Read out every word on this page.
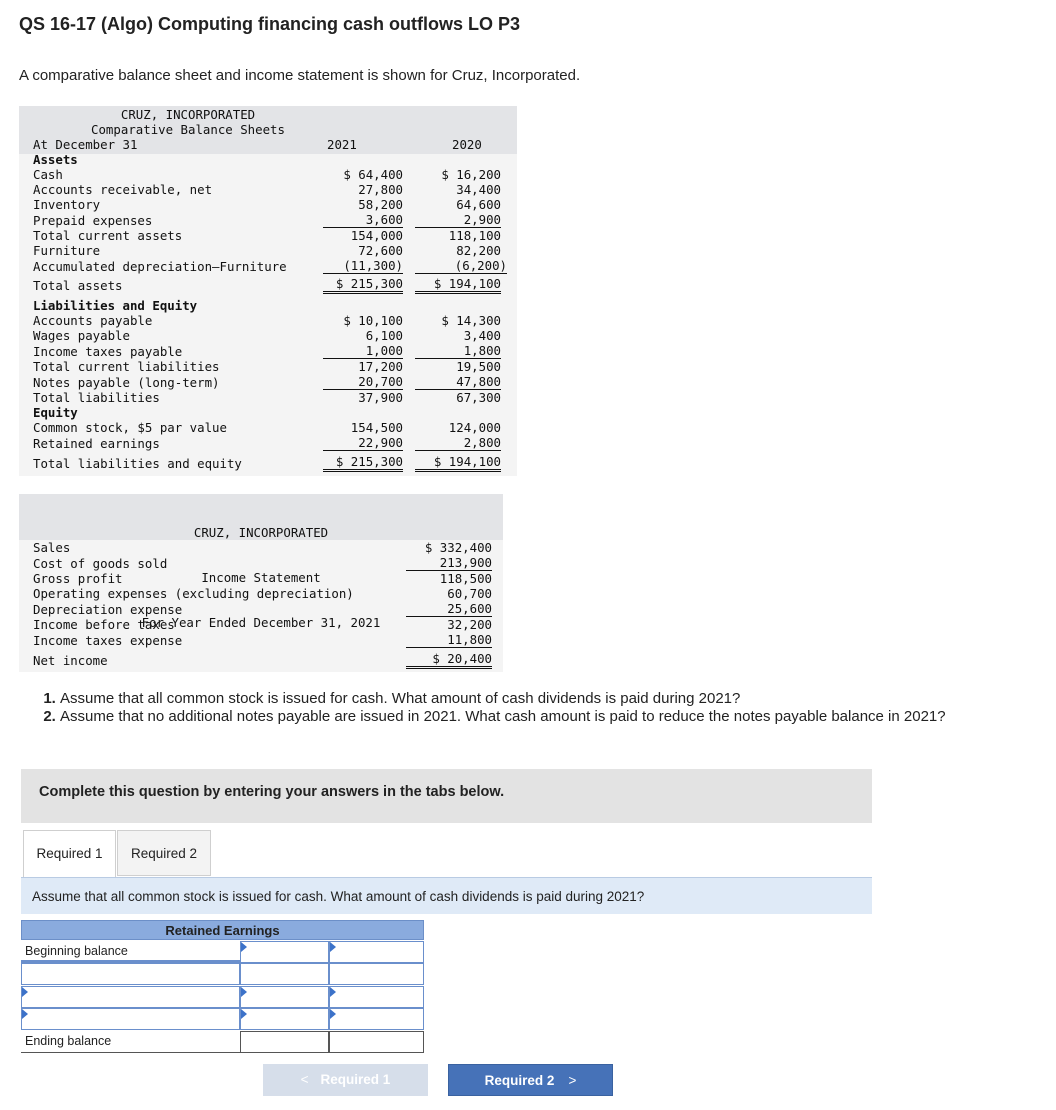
QS 16-17 (Algo) Computing financing cash outflows LO P3

A comparative balance sheet and income statement is shown for Cruz, Incorporated.

CRUZ, INCORPORATED
Comparative Balance Sheets
At December 31	2021	2020
Assets
Cash	$ 64,400	$ 16,200
Accounts receivable, net	27,800	34,400
Inventory	58,200	64,600
Prepaid expenses	3,600	2,900
Total current assets	154,000	118,100
Furniture	72,600	82,200
Accumulated depreciation—Furniture	(11,300)	(6,200)
Total assets	$ 215,300	$ 194,100
Liabilities and Equity
Accounts payable	$ 10,100	$ 14,300
Wages payable	6,100	3,400
Income taxes payable	1,000	1,800
Total current liabilities	17,200	19,500
Notes payable (long-term)	20,700	47,800
Total liabilities	37,900	67,300
Equity
Common stock, $5 par value	154,500	124,000
Retained earnings	22,900	2,800
Total liabilities and equity	$ 215,300	$ 194,100

CRUZ, INCORPORATED

Income Statement

For Year Ended December 31, 2021

Sales	$ 332,400
Cost of goods sold	213,900
Gross profit	118,500
Operating expenses (excluding depreciation)	60,700
Depreciation expense	25,600
Income before taxes	32,200
Income taxes expense	11,800
Net income	$ 20,400
1. Assume that all common stock is issued for cash. What amount of cash dividends is paid during 2021?
2. Assume that no additional notes payable are issued in 2021. What cash amount is paid to reduce the notes payable balance in 2021?
Complete this question by entering your answers in the tabs below.
Required 1	Required 2
Assume that all common stock is issued for cash. What amount of cash dividends is paid during 2021?
Retained Earnings
Beginning balance
Ending balance
< Required 1	Required 2 >
